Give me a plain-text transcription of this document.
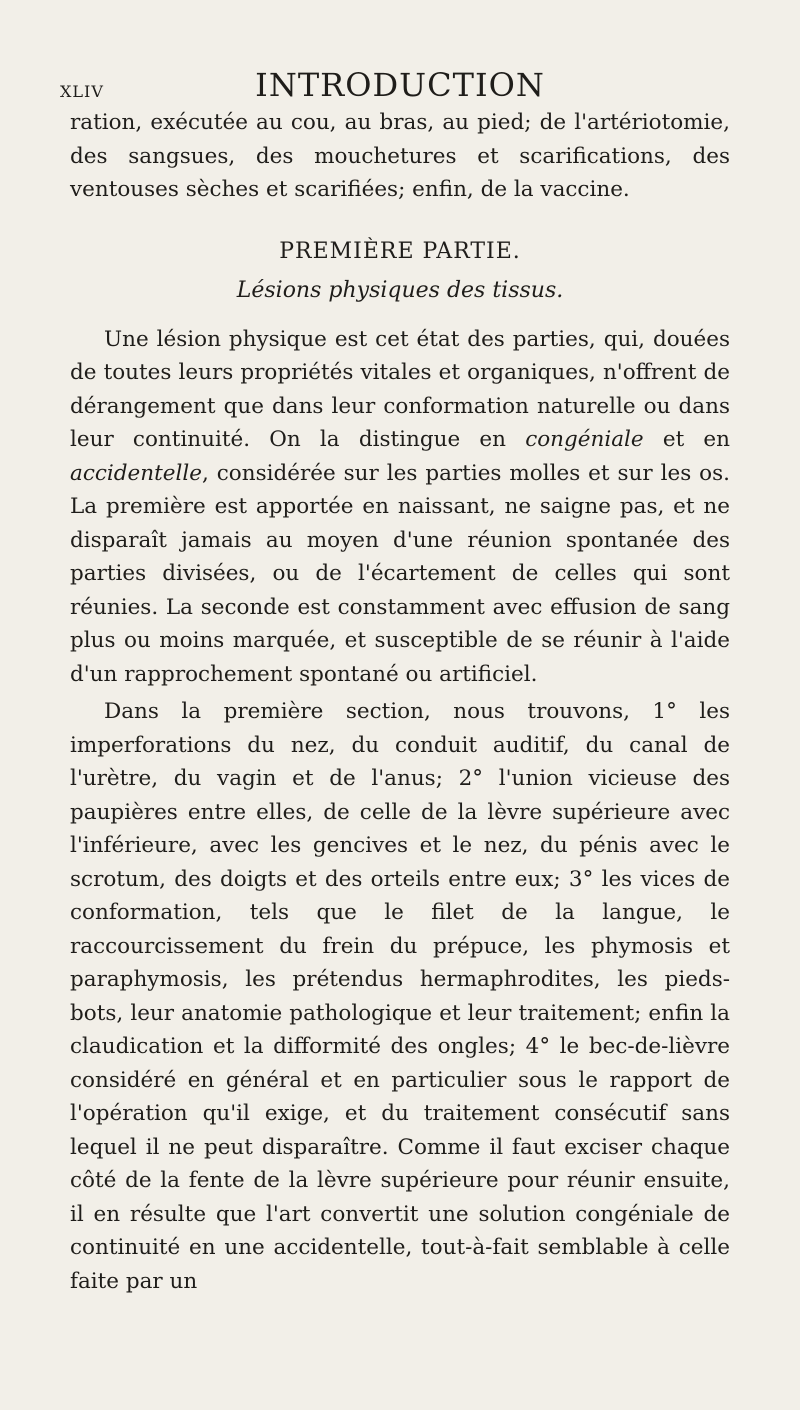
XLIV	INTRODUCTION

ration, exécutée au cou, au bras, au pied; de l'artériotomie, des sangsues, des mouchetures et scarifications, des ventouses sèches et scarifiées; enfin, de la vaccine.

PREMIÈRE PARTIE.
Lésions physiques des tissus.

Une lésion physique est cet état des parties, qui, douées de toutes leurs propriétés vitales et organiques, n'offrent de dérangement que dans leur conformation naturelle ou dans leur continuité. On la distingue en congéniale et en accidentelle, considérée sur les parties molles et sur les os. La première est apportée en naissant, ne saigne pas, et ne disparaît jamais au moyen d'une réunion spontanée des parties divisées, ou de l'écartement de celles qui sont réunies. La seconde est constamment avec effusion de sang plus ou moins marquée, et susceptible de se réunir à l'aide d'un rapprochement spontané ou artificiel.

Dans la première section, nous trouvons, 1° les imperforations du nez, du conduit auditif, du canal de l'urètre, du vagin et de l'anus; 2° l'union vicieuse des paupières entre elles, de celle de la lèvre supérieure avec l'inférieure, avec les gencives et le nez, du pénis avec le scrotum, des doigts et des orteils entre eux; 3° les vices de conformation, tels que le filet de la langue, le raccourcissement du frein du prépuce, les phymosis et paraphymosis, les prétendus hermaphrodites, les pieds-bots, leur anatomie pathologique et leur traitement; enfin la claudication et la difformité des ongles; 4° le bec-de-lièvre considéré en général et en particulier sous le rapport de l'opération qu'il exige, et du traitement consécutif sans lequel il ne peut disparaître. Comme il faut exciser chaque côté de la fente de la lèvre supérieure pour réunir ensuite, il en résulte que l'art convertit une solution congéniale de continuité en une accidentelle, tout-à-fait semblable à celle faite par un
